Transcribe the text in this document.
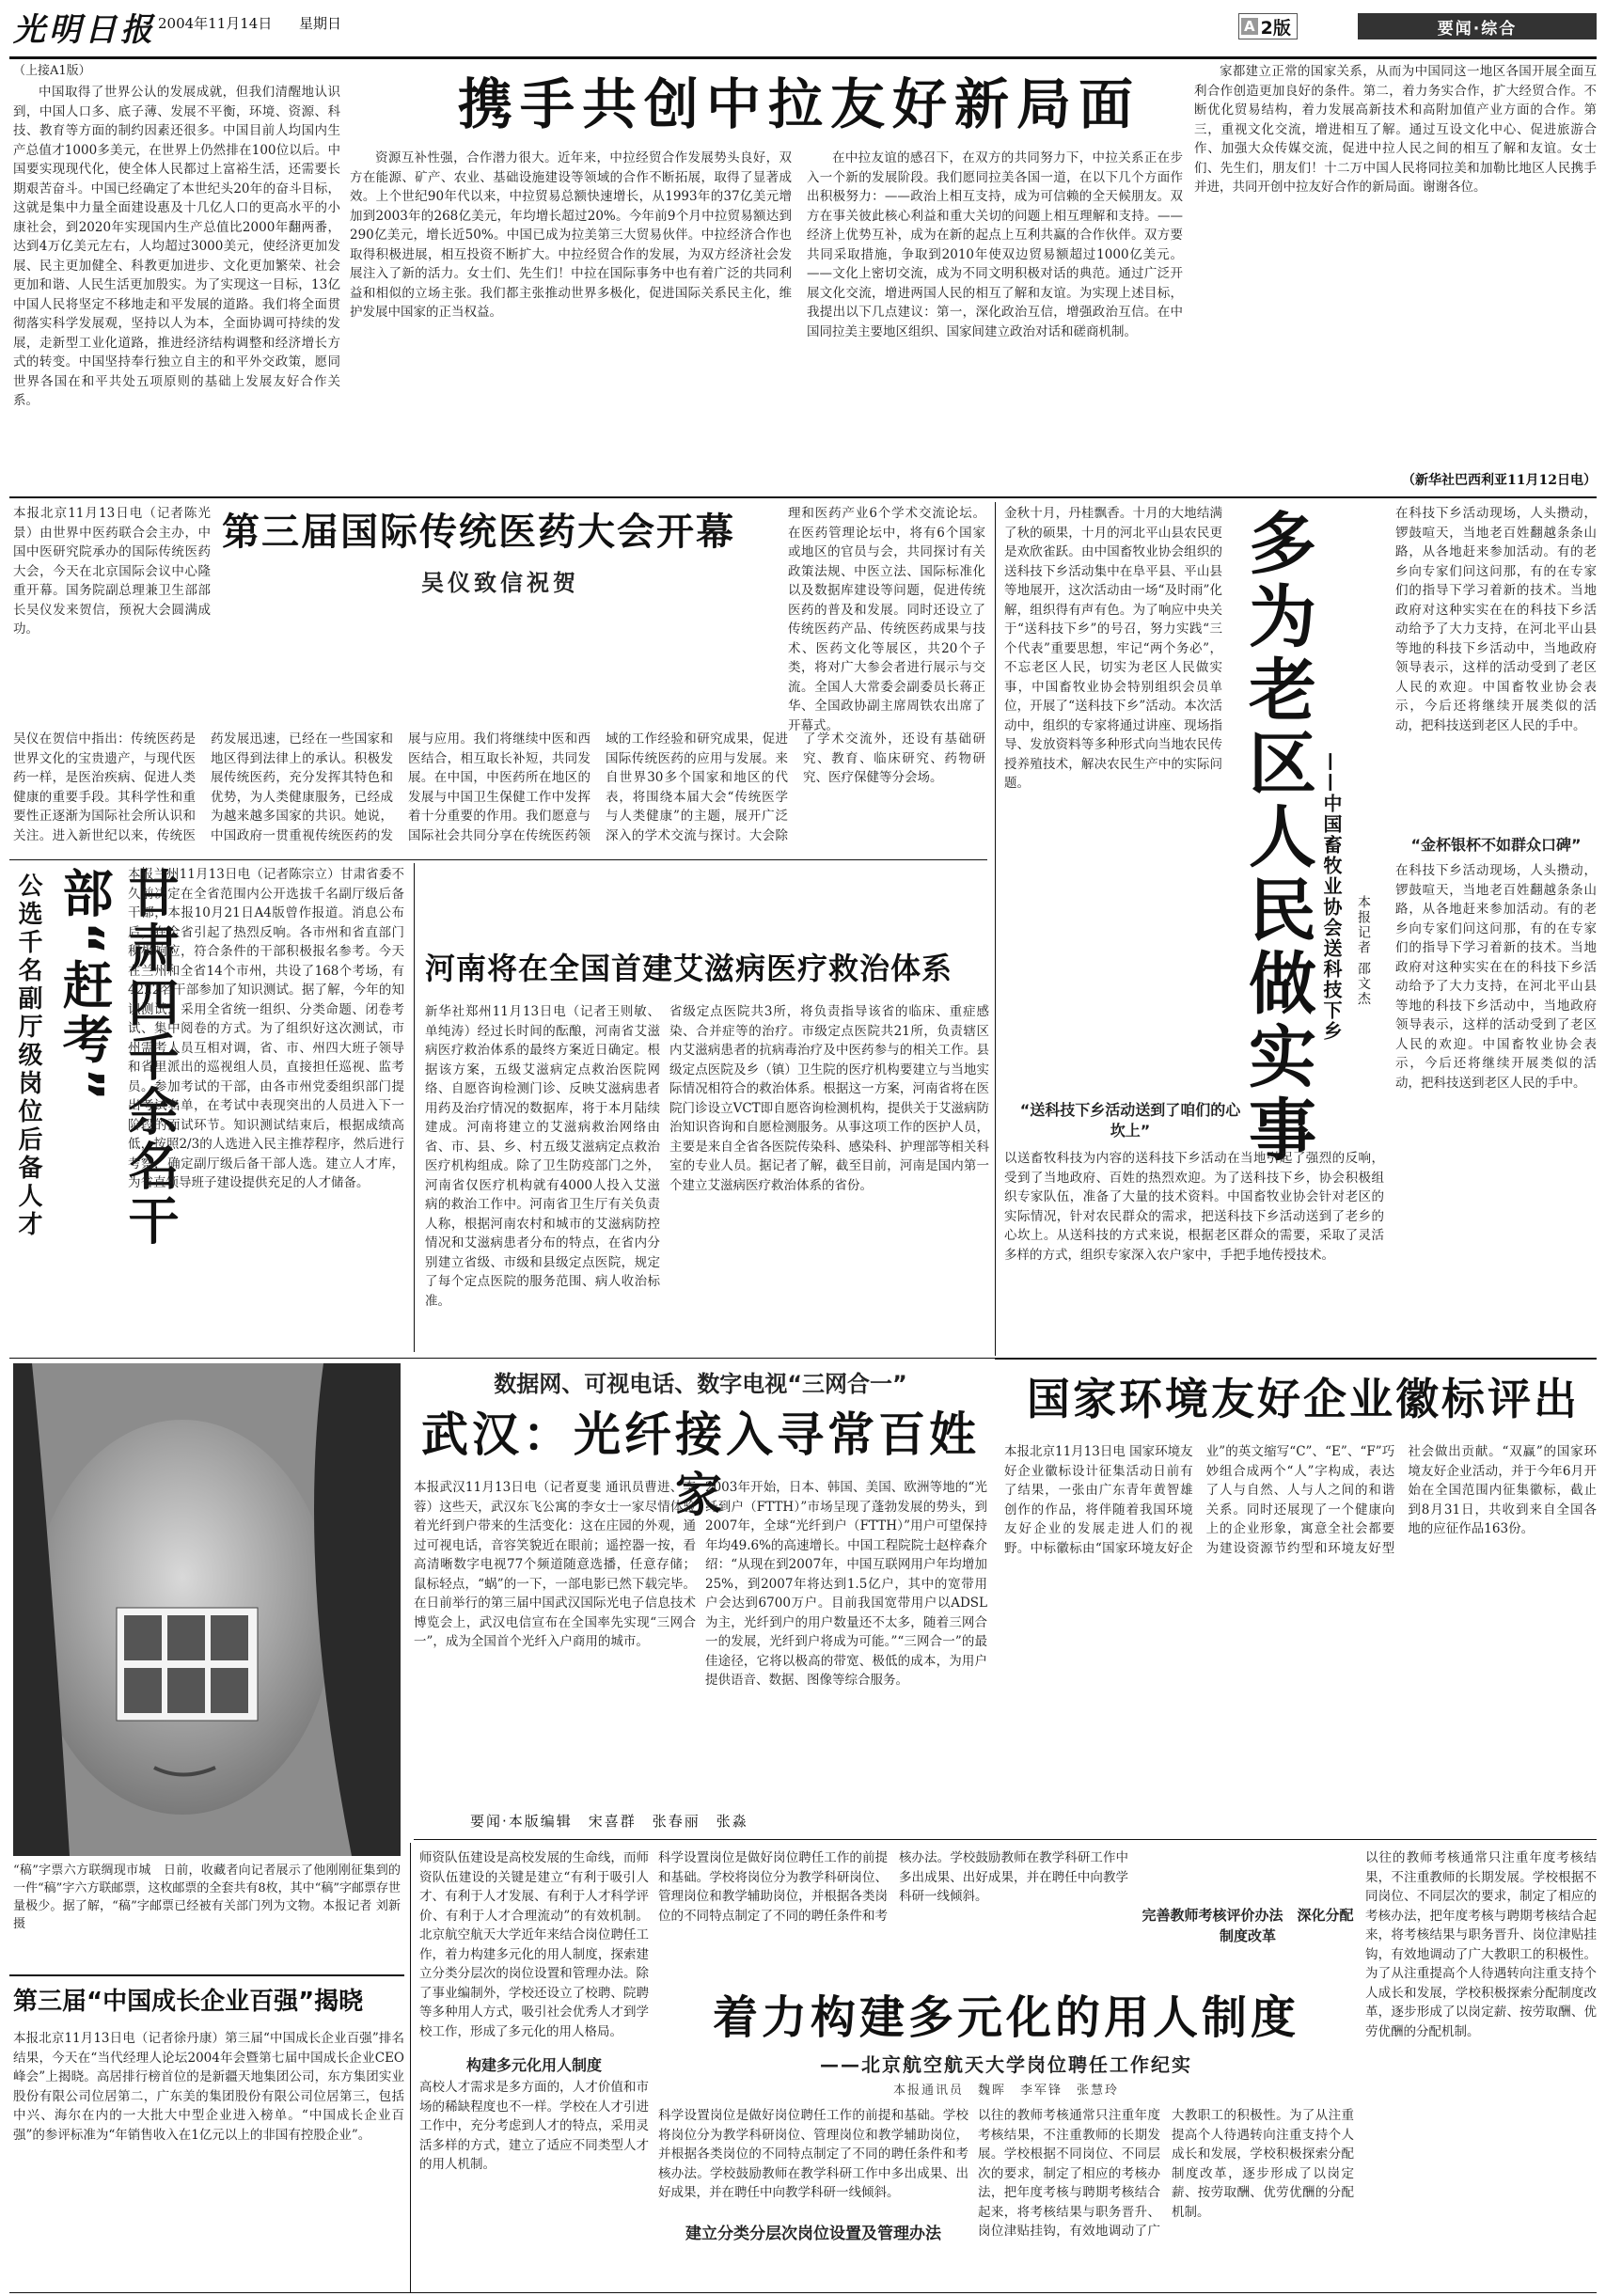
光明日报 2004年11月14日 星期日	A 2版	要闻·综合
（上接A1版）
携手共创中拉友好新局面
中国取得了世界公认的发展成就，但我们清醒地认识到，中国人口多、底子薄、发展不平衡，环境、资源、科技、教育等方面的制约因素还很多。中国目前人均国内生产总值才1000多美元，在世界上仍然排在100位以后。中国要实现现代化，使全体人民都过上富裕生活，还需要长期艰苦奋斗。中国已经确定了本世纪头20年的奋斗目标，这就是集中力量全面建设惠及十几亿人口的更高水平的小康社会，到2020年实现国内生产总值比2000年翻两番，达到4万亿美元左右，人均超过3000美元，使经济更加发展、民主更加健全、科教更加进步、文化更加繁荣、社会更加和谐、人民生活更加殷实。为了实现这一目标，13亿中国人民将坚定不移地走和平发展的道路。我们将全面贯彻落实科学发展观，坚持以人为本，全面协调可持续的发展，走新型工业化道路，推进经济结构调整和经济增长方式的转变。中国坚持奉行独立自主的和平外交政策，愿同世界各国在和平共处五项原则的基础上发展友好合作关系。
资源互补性强，合作潜力很大。近年来，中拉经贸合作发展势头良好，双方在能源、矿产、农业、基础设施建设等领域的合作不断拓展，取得了显著成效。上个世纪90年代以来，中拉贸易总额快速增长，从1993年的37亿美元增加到2003年的268亿美元，年均增长超过20%。今年前9个月中拉贸易额达到290亿美元，增长近50%。中国已成为拉美第三大贸易伙伴。中拉经济合作也取得积极进展，相互投资不断扩大。中拉经贸合作的发展，为双方经济社会发展注入了新的活力。女士们、先生们！中拉在国际事务中也有着广泛的共同利益和相似的立场主张。我们都主张推动世界多极化，促进国际关系民主化，维护发展中国家的正当权益。
在中拉友谊的感召下，在双方的共同努力下，中拉关系正在步入一个新的发展阶段。我们愿同拉美各国一道，在以下几个方面作出积极努力：——政治上相互支持，成为可信赖的全天候朋友。双方在事关彼此核心利益和重大关切的问题上相互理解和支持。——经济上优势互补，成为在新的起点上互利共赢的合作伙伴。双方要共同采取措施，争取到2010年使双边贸易额超过1000亿美元。——文化上密切交流，成为不同文明积极对话的典范。通过广泛开展文化交流，增进两国人民的相互了解和友谊。为实现上述目标，我提出以下几点建议：第一，深化政治互信，增强政治互信。在中国同拉美主要地区组织、国家间建立政治对话和磋商机制。
家都建立正常的国家关系，从而为中国同这一地区各国开展全面互利合作创造更加良好的条件。第二，着力务实合作，扩大经贸合作。不断优化贸易结构，着力发展高新技术和高附加值产业方面的合作。第三，重视文化交流，增进相互了解。通过互设文化中心、促进旅游合作、加强大众传媒交流，促进中拉人民之间的相互了解和友谊。女士们、先生们，朋友们！十二万中国人民将同拉美和加勒比地区人民携手并进，共同开创中拉友好合作的新局面。谢谢各位。
（新华社巴西利亚11月12日电）
本报北京11月13日电（记者陈光景）由世界中医药联合会主办，中国中医研究院承办的国际传统医药大会，今天在北京国际会议中心隆重开幕。国务院副总理兼卫生部部长吴仪发来贺信，预祝大会圆满成功。
第三届国际传统医药大会开幕
吴仪致信祝贺
吴仪在贺信中指出：传统医药是世界文化的宝贵遗产，与现代医药一样，是医治疾病、促进人类健康的重要手段。其科学性和重要性正逐渐为国际社会所认识和关注。进入新世纪以来，传统医药发展迅速，已经在一些国家和地区得到法律上的承认。积极发展传统医药，充分发挥其特色和优势，为人类健康服务，已经成为越来越多国家的共识。她说，中国政府一贯重视传统医药的发展与应用。我们将继续中医和西医结合，相互取长补短，共同发展。在中国，中医药所在地区的发展与中国卫生保健工作中发挥着十分重要的作用。我们愿意与国际社会共同分享在传统医药领域的工作经验和研究成果，促进国际传统医药的应用与发展。来自世界30多个国家和地区的代表，将围绕本届大会“传统医学与人类健康”的主题，展开广泛深入的学术交流与探讨。大会除了学术交流外，还设有基础研究、教育、临床研究、药物研究、医疗保健等分会场。
理和医药产业6个学术交流论坛。在医药管理论坛中，将有6个国家或地区的官员与会，共同探讨有关政策法规、中医立法、国际标准化以及数据库建设等问题，促进传统医药的普及和发展。同时还设立了传统医药产品、传统医药成果与技术、医药文化等展区，共20个子类，将对广大参会者进行展示与交流。全国人大常委会副委员长蒋正华、全国政协副主席周铁农出席了开幕式。
公选千名副厅级岗位后备人才	甘肃四千余名干部“赶考”	本报兰州11月13日电（记者陈宗立）甘肃省委不久前决定在全省范围内公开选拔千名副厅级后备干部，本报10月21日A4版曾作报道。消息公布后，在全省引起了热烈反响。各市州和省直部门积极响应，符合条件的干部积极报名参考。今天在兰州和全省14个市州，共设了168个考场，有4222名干部参加了知识测试。据了解，今年的知识测试，采用全省统一组织、分类命题、闭卷考试、集中阅卷的方式。为了组织好这次测试，市州需考人员互相对调，省、市、州四大班子领导和省里派出的巡视组人员，直接担任巡视、监考员。参加考试的干部，由各市州党委组织部门提出考试名单，在考试中表现突出的人员进入下一阶段的面试环节。知识测试结束后，根据成绩高低，按照2/3的人选进入民主推荐程序，然后进行考察，确定副厅级后备干部人选。建立人才库，为省直领导班子建设提供充足的人才储备。
河南将在全国首建艾滋病医疗救治体系
新华社郑州11月13日电（记者王则敏、单纯涛）经过长时间的酝酿，河南省艾滋病医疗救治体系的最终方案近日确定。根据该方案，五级艾滋病定点救治医院网络、自愿咨询检测门诊、反映艾滋病患者用药及治疗情况的数据库，将于本月陆续建成。河南将建立的艾滋病救治网络由省、市、县、乡、村五级艾滋病定点救治医疗机构组成。除了卫生防疫部门之外，河南省仅医疗机构就有4000人投入艾滋病的救治工作中。河南省卫生厅有关负责人称，根据河南农村和城市的艾滋病防控情况和艾滋病患者分布的特点，在省内分别建立省级、市级和县级定点医院，规定了每个定点医院的服务范围、病人收治标准。
省级定点医院共3所，将负责指导该省的临床、重症感染、合并症等的治疗。市级定点医院共21所，负责辖区内艾滋病患者的抗病毒治疗及中医药参与的相关工作。县级定点医院及乡（镇）卫生院的医疗机构要建立与当地实际情况相符合的救治体系。根据这一方案，河南省将在医院门诊设立VCT即自愿咨询检测机构，提供关于艾滋病防治知识咨询和自愿检测服务。从事这项工作的医护人员，主要是来自全省各医院传染科、感染科、护理部等相关科室的专业人员。据记者了解，截至目前，河南是国内第一个建立艾滋病医疗救治体系的省份。
“稿”字票六方联绸现市城　日前，收藏者向记者展示了他刚刚征集到的一件“稿”字六方联邮票，这枚邮票的全套共有8枚，其中“稿”字邮票存世量极少。据了解，“稿”字邮票已经被有关部门列为文物。本报记者 刘新摄
数据网、可视电话、数字电视“三网合一”
武汉：光纤接入寻常百姓家
本报武汉11月13日电（记者夏斐 通讯员曹进、李蓉）这些天，武汉东飞公寓的李女士一家尽情体验着光纤到户带来的生活变化：这在庄园的外观，通过可视电话，音容笑貌近在眼前；遥控器一按，看高清晰数字电视77个频道随意选播，任意存储；鼠标轻点，“蜗”的一下，一部电影已然下载完毕。在日前举行的第三届中国武汉国际光电子信息技术博览会上，武汉电信宣布在全国率先实现“三网合一”，成为全国首个光纤入户商用的城市。
2003年开始，日本、韩国、美国、欧洲等地的“光纤到户（FTTH）”市场呈现了蓬勃发展的势头，到2007年，全球“光纤到户（FTTH）”用户可望保持年均49.6%的高速增长。中国工程院院士赵梓森介绍：“从现在到2007年，中国互联网用户年均增加25%，到2007年将达到1.5亿户，其中的宽带用户会达到6700万户。目前我国宽带用户以ADSL为主，光纤到户的用户数量还不太多，随着三网合一的发展，光纤到户将成为可能。”“三网合一”的最佳途径，它将以极高的带宽、极低的成本，为用户提供语音、数据、图像等综合服务。
要闻·本版编辑　宋喜群　张春丽　张淼
金秋十月，丹桂飘香。十月的大地结满了秋的硕果，十月的河北平山县农民更是欢欣雀跃。由中国畜牧业协会组织的送科技下乡活动集中在阜平县、平山县等地展开，这次活动由一场“及时雨”化解，组织得有声有色。为了响应中央关于“送科技下乡”的号召，努力实践“三个代表”重要思想，牢记“两个务必”，不忘老区人民，切实为老区人民做实事，中国畜牧业协会特别组织会员单位，开展了“送科技下乡”活动。本次活动中，组织的专家将通过讲座、现场指导、发放资料等多种形式向当地农民传授养殖技术，解决农民生产中的实际问题。	多为老区人民做实事 ——中国畜牧业协会送科技下乡 本报记者 邵文杰
“送科技下乡活动送到了咱们的心坎上”
以送畜牧科技为内容的送科技下乡活动在当地引起了强烈的反响，受到了当地政府、百姓的热烈欢迎。为了送科技下乡，协会积极组织专家队伍，准备了大量的技术资料。中国畜牧业协会针对老区的实际情况，针对农民群众的需求，把送科技下乡活动送到了老乡的心坎上。从送科技的方式来说，根据老区群众的需要，采取了灵活多样的方式，组织专家深入农户家中，手把手地传授技术。
在科技下乡活动现场，人头攒动，锣鼓喧天，当地老百姓翻越条条山路，从各地赶来参加活动。有的老乡向专家们问这问那，有的在专家们的指导下学习着新的技术。当地政府对这种实实在在的科技下乡活动给予了大力支持，在河北平山县等地的科技下乡活动中，当地政府领导表示，这样的活动受到了老区人民的欢迎。中国畜牧业协会表示，今后还将继续开展类似的活动，把科技送到老区人民的手中。
“金杯银杯不如群众口碑”
在科技下乡活动现场，人头攒动，锣鼓喧天，当地老百姓翻越条条山路，从各地赶来参加活动。有的老乡向专家们问这问那，有的在专家们的指导下学习着新的技术。当地政府对这种实实在在的科技下乡活动给予了大力支持，在河北平山县等地的科技下乡活动中，当地政府领导表示，这样的活动受到了老区人民的欢迎。中国畜牧业协会表示，今后还将继续开展类似的活动，把科技送到老区人民的手中。
国家环境友好企业徽标评出
本报北京11月13日电 国家环境友好企业徽标设计征集活动日前有了结果，一张由广东青年黄智雄创作的作品，将伴随着我国环境友好企业的发展走进人们的视野。中标徽标由“国家环境友好企业”的英文缩写“C”、“E”、“F”巧妙组合成两个“人”字构成，表达了人与自然、人与人之间的和谐关系。同时还展现了一个健康向上的企业形象，寓意全社会都要为建设资源节约型和环境友好型社会做出贡献。“双赢”的国家环境友好企业活动，并于今年6月开始在全国范围内征集徽标，截止到8月31日，共收到来自全国各地的应征作品163份。
第三届“中国成长企业百强”揭晓
本报北京11月13日电（记者徐丹康）第三届“中国成长企业百强”排名结果，今天在“当代经理人论坛2004年会暨第七届中国成长企业CEO峰会”上揭晓。高居排行榜首位的是新疆天地集团公司，东方集团实业股份有限公司位居第二，广东美的集团股份有限公司位居第三，包括中兴、海尔在内的一大批大中型企业进入榜单。“中国成长企业百强”的参评标准为“年销售收入在1亿元以上的非国有控股企业”。
师资队伍建设是高校发展的生命线，而师资队伍建设的关键是建立“有利于吸引人才、有利于人才发展、有利于人才科学评价、有利于人才合理流动”的有效机制。北京航空航天大学近年来结合岗位聘任工作，着力构建多元化的用人制度，探索建立分类分层次的岗位设置和管理办法。除了事业编制外，学校还设立了校聘、院聘等多种用人方式，吸引社会优秀人才到学校工作，形成了多元化的用人格局。
构建多元化用人制度
高校人才需求是多方面的，人才价值和市场的稀缺程度也不一样。学校在人才引进工作中，充分考虑到人才的特点，采用灵活多样的方式，建立了适应不同类型人才的用人机制。
着力构建多元化的用人制度
——北京航空航天大学岗位聘任工作纪实
本报通讯员　魏晖　李军锋　张慧玲
科学设置岗位是做好岗位聘任工作的前提和基础。学校将岗位分为教学科研岗位、管理岗位和教学辅助岗位，并根据各类岗位的不同特点制定了不同的聘任条件和考核办法。学校鼓励教师在教学科研工作中多出成果、出好成果，并在聘任中向教学科研一线倾斜。
完善教师考核评价办法　深化分配制度改革
科学设置岗位是做好岗位聘任工作的前提和基础。学校将岗位分为教学科研岗位、管理岗位和教学辅助岗位，并根据各类岗位的不同特点制定了不同的聘任条件和考核办法。学校鼓励教师在教学科研工作中多出成果、出好成果，并在聘任中向教学科研一线倾斜。
建立分类分层次岗位设置及管理办法
以往的教师考核通常只注重年度考核结果，不注重教师的长期发展。学校根据不同岗位、不同层次的要求，制定了相应的考核办法，把年度考核与聘期考核结合起来，将考核结果与职务晋升、岗位津贴挂钩，有效地调动了广大教职工的积极性。为了从注重提高个人待遇转向注重支持个人成长和发展，学校积极探索分配制度改革，逐步形成了以岗定薪、按劳取酬、优劳优酬的分配机制。
以往的教师考核通常只注重年度考核结果，不注重教师的长期发展。学校根据不同岗位、不同层次的要求，制定了相应的考核办法，把年度考核与聘期考核结合起来，将考核结果与职务晋升、岗位津贴挂钩，有效地调动了广大教职工的积极性。为了从注重提高个人待遇转向注重支持个人成长和发展，学校积极探索分配制度改革，逐步形成了以岗定薪、按劳取酬、优劳优酬的分配机制。
